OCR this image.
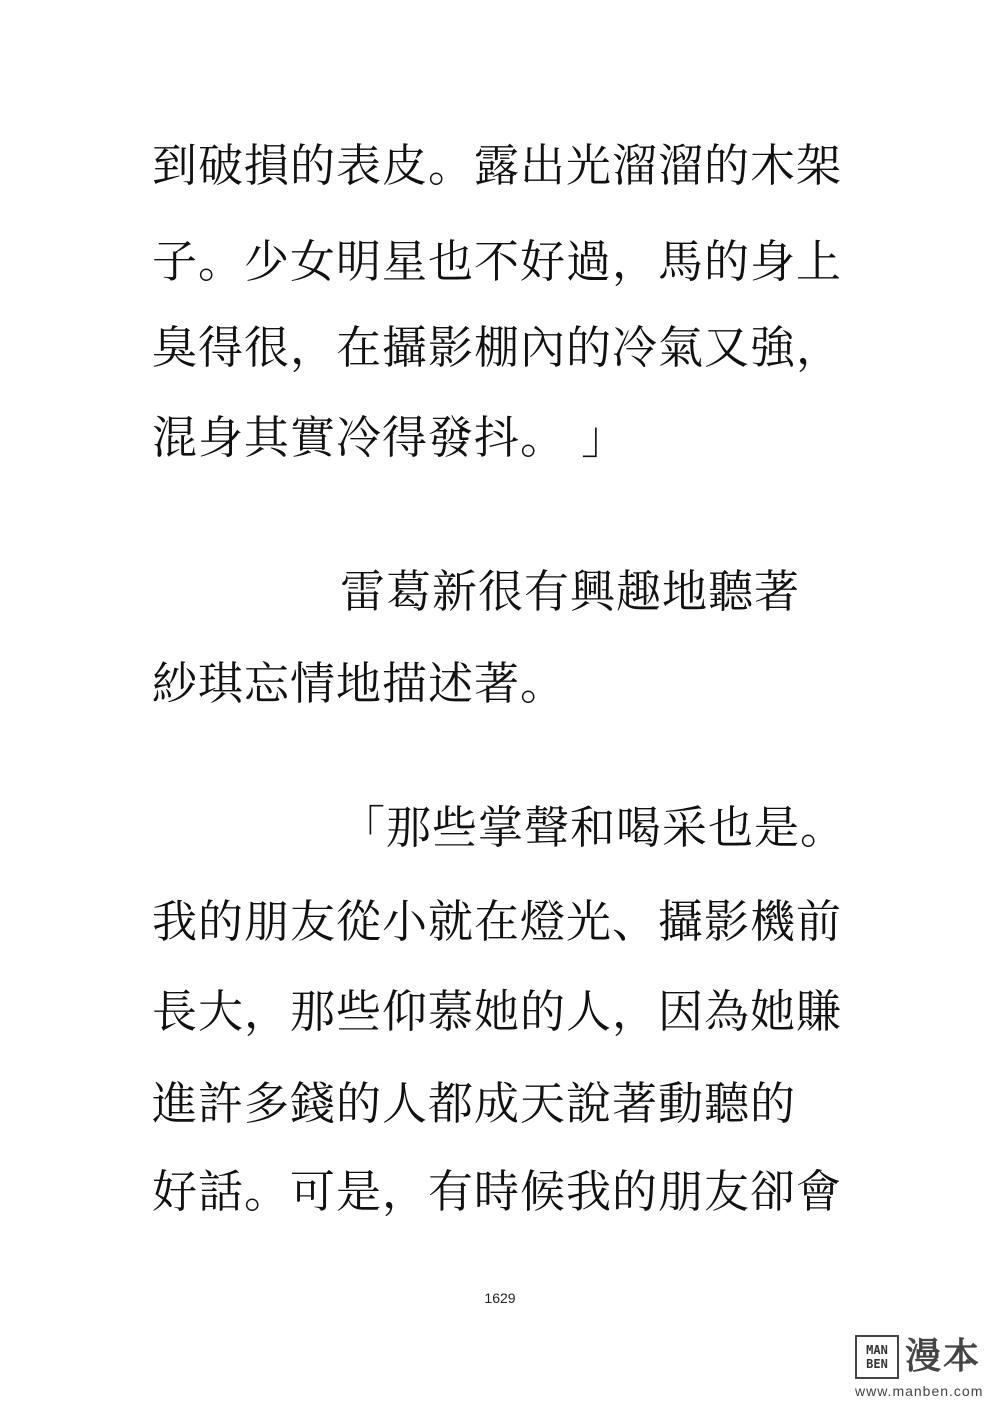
到破損的表皮。露出光溜溜的木架
子。少女明星也不好過，馬的身上
臭得很，在攝影棚內的冷氣又強，
混身其實冷得發抖。 」
雷葛新很有興趣地聽著
紗琪忘情地描述著。
「那些掌聲和喝采也是。
我的朋友從小就在燈光、攝影機前
長大，那些仰慕她的人，因為她賺
進許多錢的人都成天說著動聽的
好話。可是，有時候我的朋友卻會
1629
MAN
BEN 漫本
www.manben.com
